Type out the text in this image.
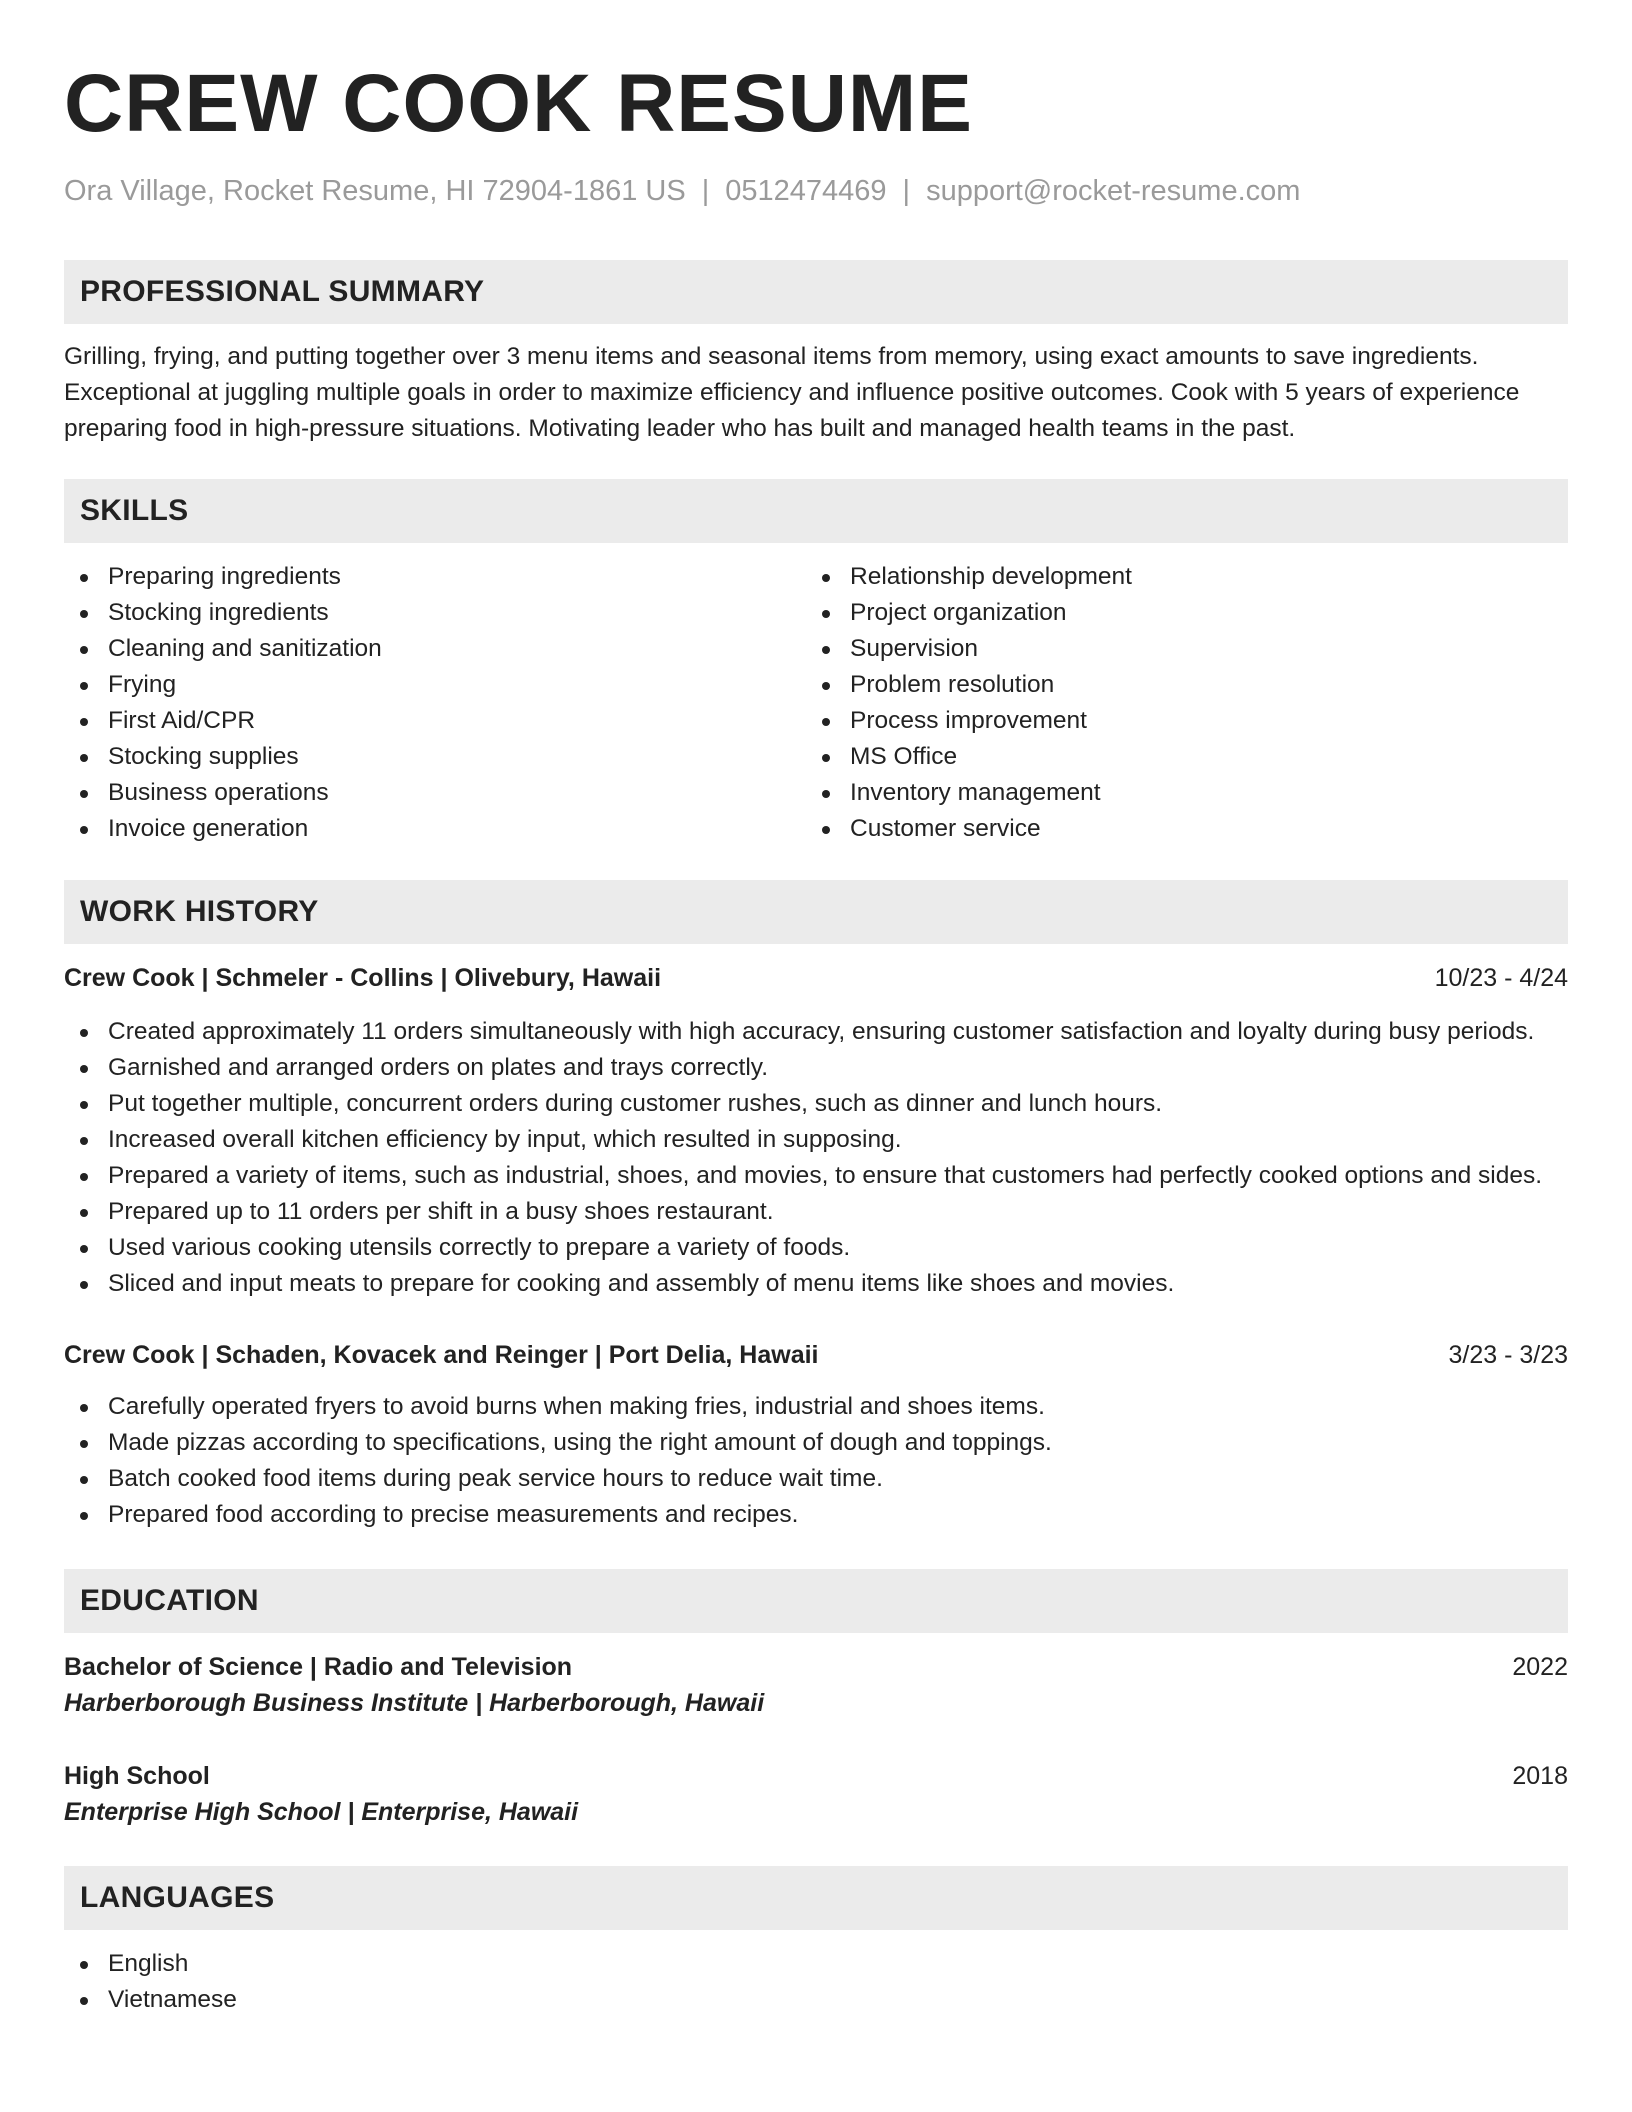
CREW COOK RESUME
Ora Village, Rocket Resume, HI 72904-1861 US | 0512474469 | support@rocket-resume.com
PROFESSIONAL SUMMARY
Grilling, frying, and putting together over 3 menu items and seasonal items from memory, using exact amounts to save ingredients. Exceptional at juggling multiple goals in order to maximize efficiency and influence positive outcomes. Cook with 5 years of experience preparing food in high-pressure situations. Motivating leader who has built and managed health teams in the past.
SKILLS
Preparing ingredients
Stocking ingredients
Cleaning and sanitization
Frying
First Aid/CPR
Stocking supplies
Business operations
Invoice generation
Relationship development
Project organization
Supervision
Problem resolution
Process improvement
MS Office
Inventory management
Customer service
WORK HISTORY
Crew Cook | Schmeler - Collins | Olivebury, Hawaii	10/23 - 4/24
Created approximately 11 orders simultaneously with high accuracy, ensuring customer satisfaction and loyalty during busy periods.
Garnished and arranged orders on plates and trays correctly.
Put together multiple, concurrent orders during customer rushes, such as dinner and lunch hours.
Increased overall kitchen efficiency by input, which resulted in supposing.
Prepared a variety of items, such as industrial, shoes, and movies, to ensure that customers had perfectly cooked options and sides.
Prepared up to 11 orders per shift in a busy shoes restaurant.
Used various cooking utensils correctly to prepare a variety of foods.
Sliced and input meats to prepare for cooking and assembly of menu items like shoes and movies.
Crew Cook | Schaden, Kovacek and Reinger | Port Delia, Hawaii	3/23 - 3/23
Carefully operated fryers to avoid burns when making fries, industrial and shoes items.
Made pizzas according to specifications, using the right amount of dough and toppings.
Batch cooked food items during peak service hours to reduce wait time.
Prepared food according to precise measurements and recipes.
EDUCATION
Bachelor of Science | Radio and Television	2022
Harberborough Business Institute | Harberborough, Hawaii
High School	2018
Enterprise High School | Enterprise, Hawaii
LANGUAGES
English
Vietnamese
